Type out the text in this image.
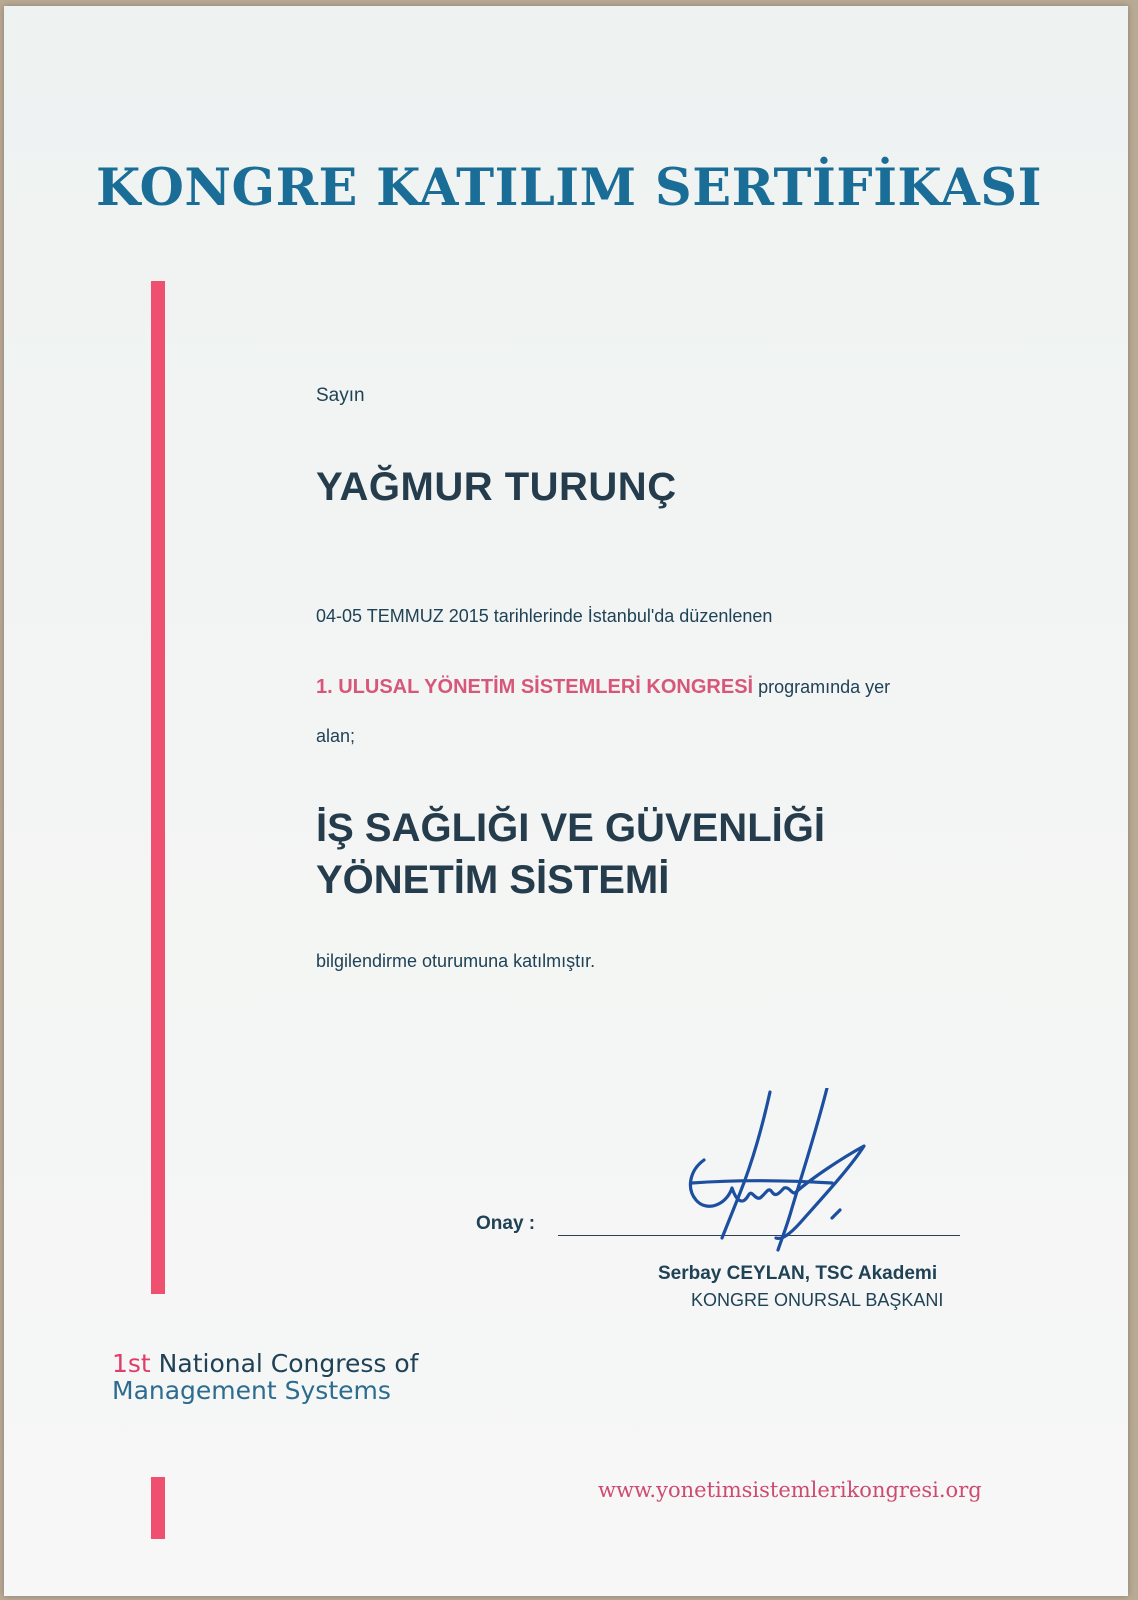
KONGRE KATILIM SERTİFİKASI

Sayın

YAĞMUR TURUNÇ

04-05 TEMMUZ 2015 tarihlerinde İstanbul'da düzenlenen

1. ULUSAL YÖNETİM SİSTEMLERİ KONGRESİ programında yer

alan;

İŞ SAĞLIĞI VE GÜVENLİĞİ
YÖNETİM SİSTEMİ

bilgilendirme oturumuna katılmıştır.

Onay :
Serbay CEYLAN, TSC Akademi
KONGRE ONURSAL BAŞKANI
1st National Congress of
Management Systems
www.yonetimsistemlerikongresi.org
